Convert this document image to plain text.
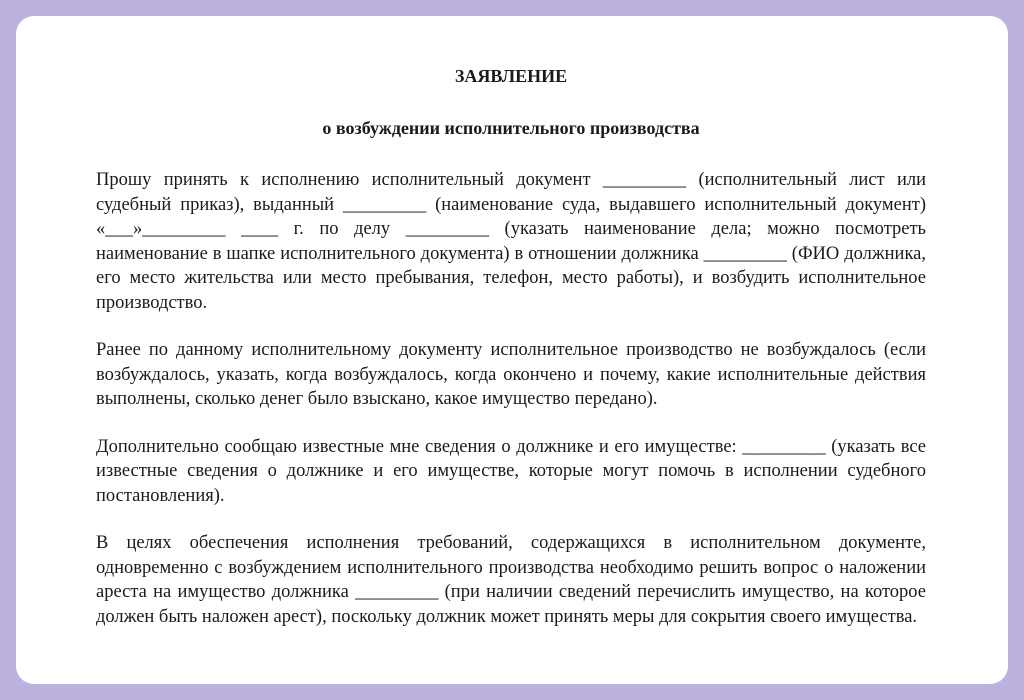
ЗАЯВЛЕНИЕ
о возбуждении исполнительного производства

Прошу принять к исполнению исполнительный документ _________ (исполнительный лист или судебный приказ), выданный _________ (наименование суда, выдавшего исполнительный документ) «___»_________ ____ г. по делу _________ (указать наименование дела; можно посмотреть наименование в шапке исполнительного документа) в отношении должника _________ (ФИО должника, его место жительства или место пребывания, телефон, место работы), и возбудить исполнительное производство.

Ранее по данному исполнительному документу исполнительное производство не возбуждалось (если возбуждалось, указать, когда возбуждалось, когда окончено и почему, какие исполнительные действия выполнены, сколько денег было взыскано, какое имущество передано).

Дополнительно сообщаю известные мне сведения о должнике и его имуществе: _________ (указать все известные сведения о должнике и его имуществе, которые могут помочь в исполнении судебного постановления).

В целях обеспечения исполнения требований, содержащихся в исполнительном документе, одновременно с возбуждением исполнительного производства необходимо решить вопрос о наложении ареста на имущество должника _________ (при наличии сведений перечислить имущество, на которое должен быть наложен арест), поскольку должник может принять меры для сокрытия своего имущества.
